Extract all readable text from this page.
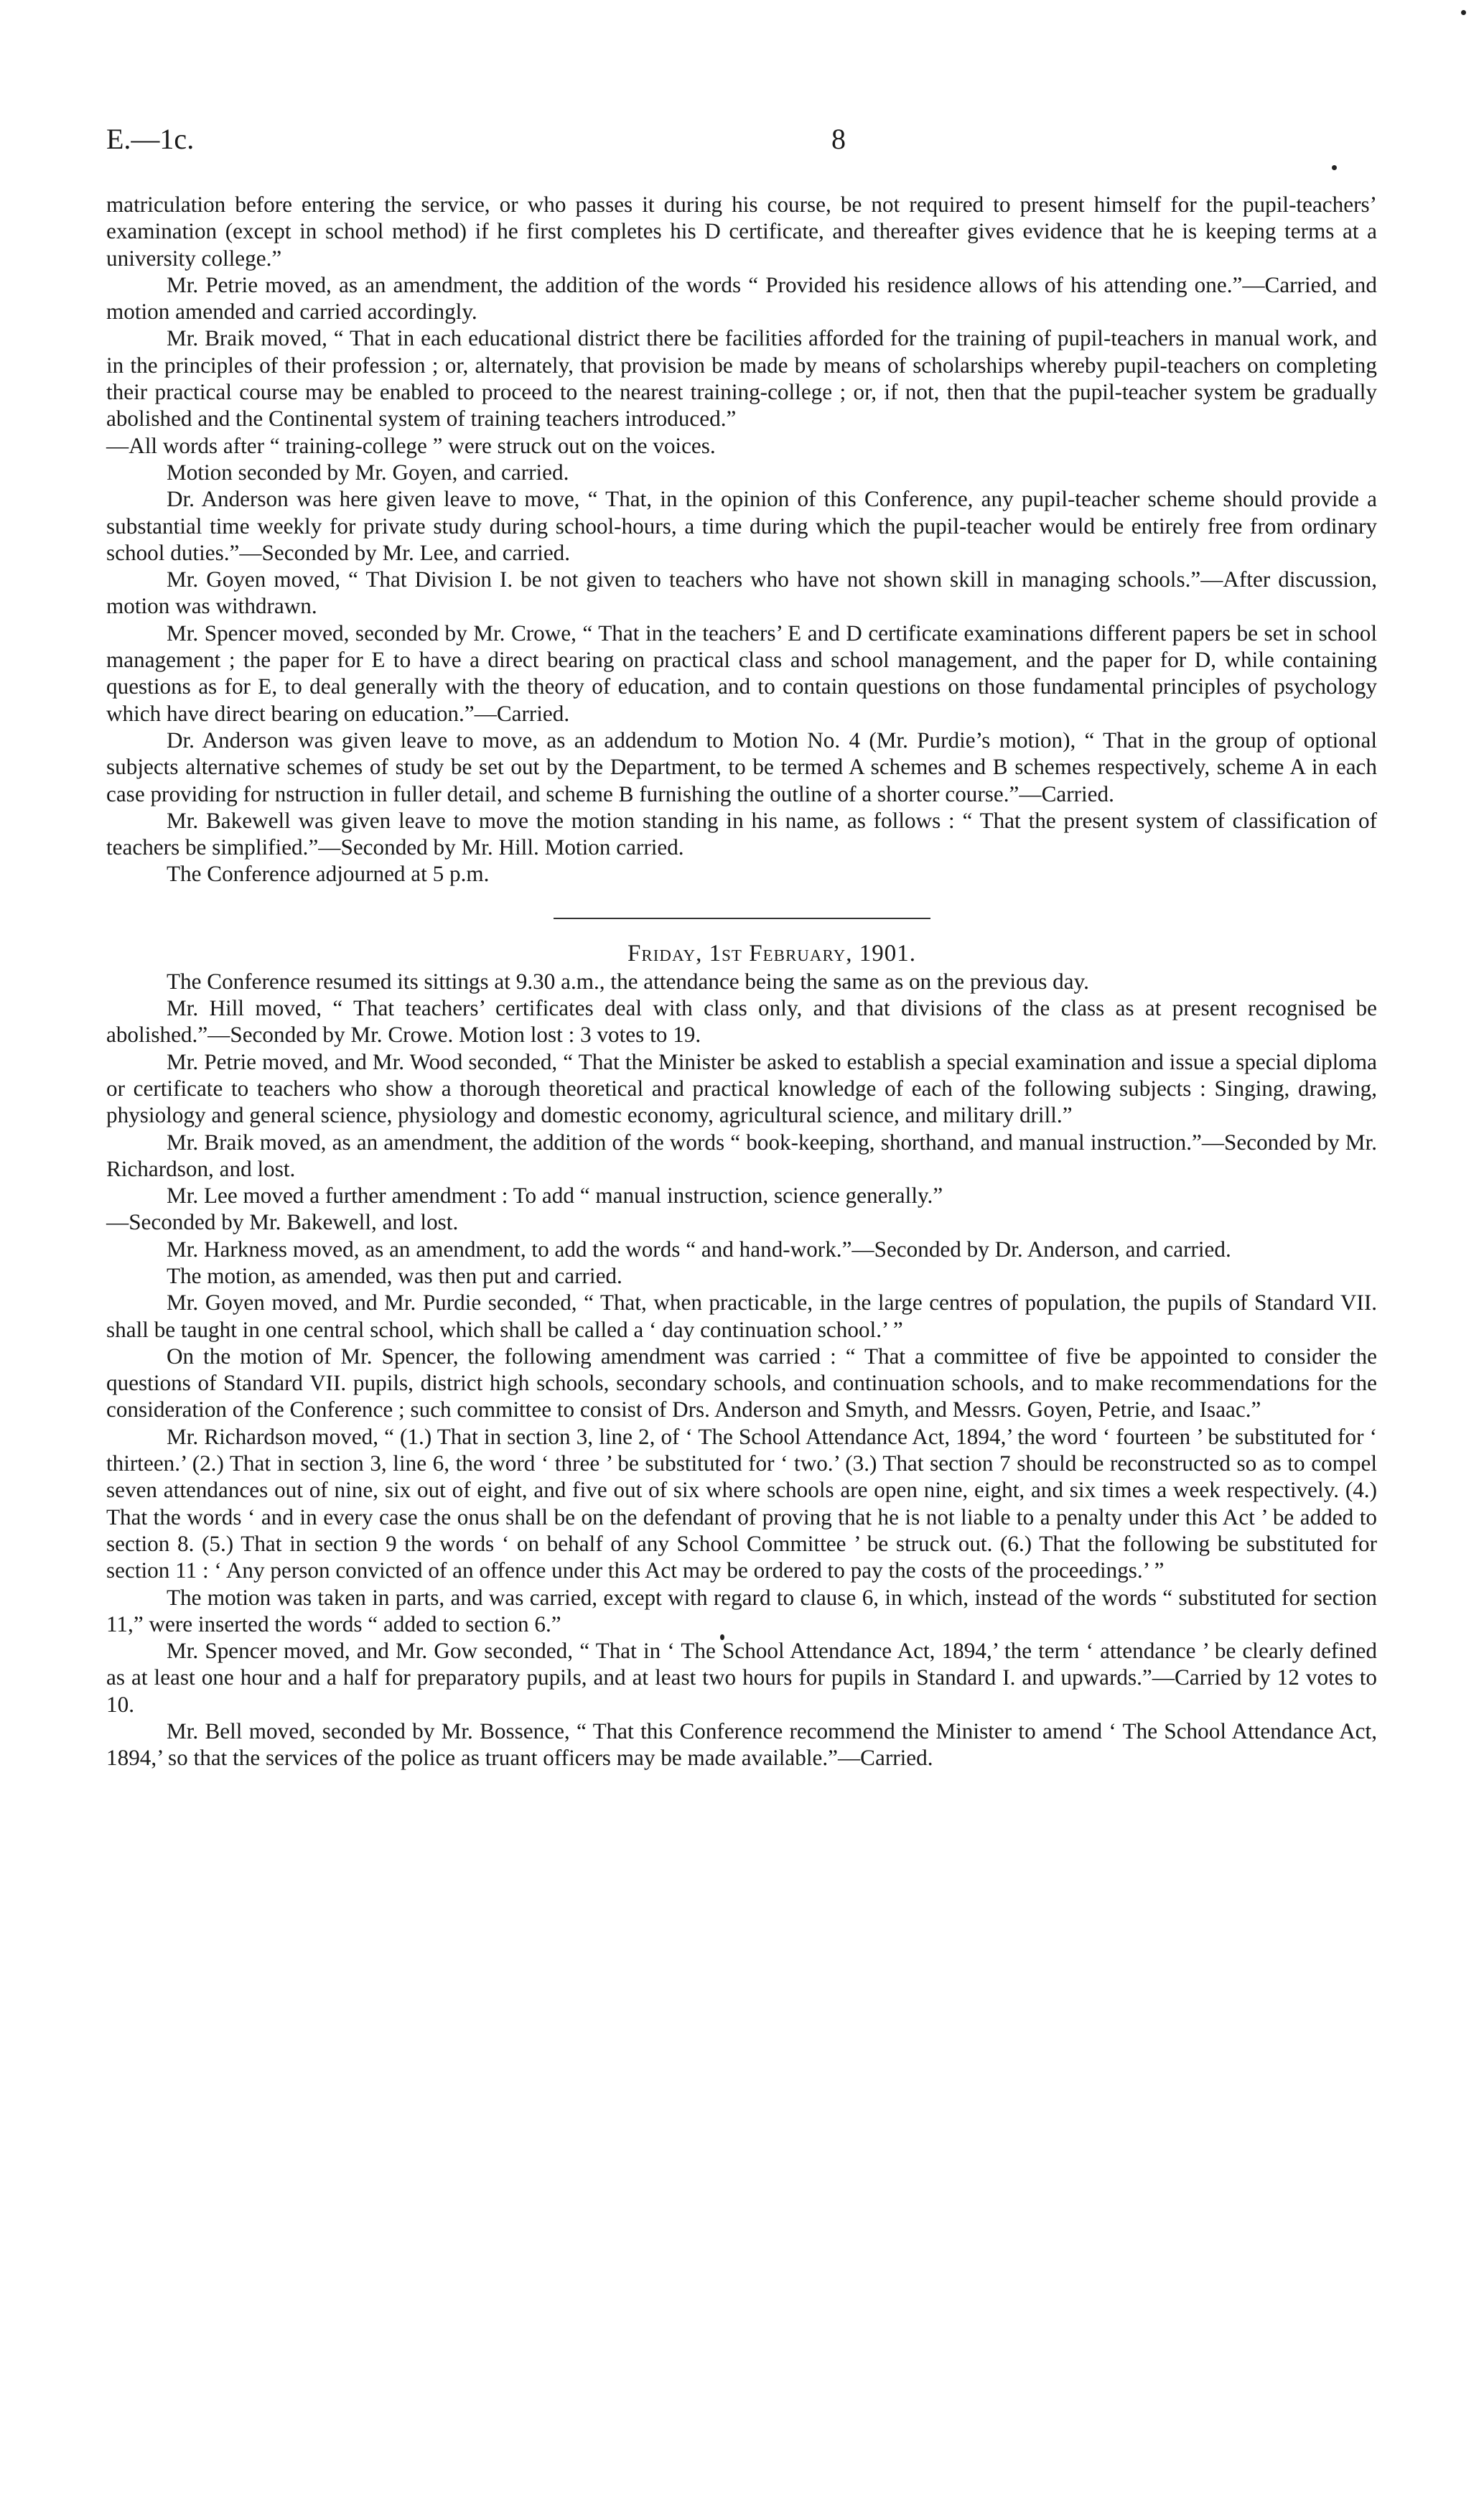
E.—1c.	8

matriculation before entering the service, or who passes it during his course, be not required to present himself for the pupil-teachers’ examination (except in school method) if he first completes his D certificate, and thereafter gives evidence that he is keeping terms at a university college.”

Mr. Petrie moved, as an amendment, the addition of the words “ Provided his residence allows of his attending one.”—Carried, and motion amended and carried accordingly.

Mr. Braik moved, “ That in each educational district there be facilities afforded for the training of pupil-teachers in manual work, and in the principles of their profession ; or, alternately, that provision be made by means of scholarships whereby pupil-teachers on completing their practical course may be enabled to proceed to the nearest training-college ; or, if not, then that the pupil-teacher system be gradually abolished and the Continental system of training teachers introduced.”

—All words after “ training-college ” were struck out on the voices.

Motion seconded by Mr. Goyen, and carried.

Dr. Anderson was here given leave to move, “ That, in the opinion of this Conference, any pupil-teacher scheme should provide a substantial time weekly for private study during school-hours, a time during which the pupil-teacher would be entirely free from ordinary school duties.”—Seconded by Mr. Lee, and carried.

Mr. Goyen moved, “ That Division I. be not given to teachers who have not shown skill in managing schools.”—After discussion, motion was withdrawn.

Mr. Spencer moved, seconded by Mr. Crowe, “ That in the teachers’ E and D certificate examinations different papers be set in school management ; the paper for E to have a direct bearing on practical class and school management, and the paper for D, while containing questions as for E, to deal generally with the theory of education, and to contain questions on those fundamental principles of psychology which have direct bearing on education.”—Carried.

Dr. Anderson was given leave to move, as an addendum to Motion No. 4 (Mr. Purdie’s motion), “ That in the group of optional subjects alternative schemes of study be set out by the Department, to be termed A schemes and B schemes respectively, scheme A in each case providing for nstruction in fuller detail, and scheme B furnishing the outline of a shorter course.”—Carried.

Mr. Bakewell was given leave to move the motion standing in his name, as follows : “ That the present system of classification of teachers be simplified.”—Seconded by Mr. Hill. Motion carried.

The Conference adjourned at 5 p.m.

Friday, 1st February, 1901.

The Conference resumed its sittings at 9.30 a.m., the attendance being the same as on the previous day.

Mr. Hill moved, “ That teachers’ certificates deal with class only, and that divisions of the class as at present recognised be abolished.”—Seconded by Mr. Crowe. Motion lost : 3 votes to 19.

Mr. Petrie moved, and Mr. Wood seconded, “ That the Minister be asked to establish a special examination and issue a special diploma or certificate to teachers who show a thorough theoretical and practical knowledge of each of the following subjects : Singing, drawing, physiology and general science, physiology and domestic economy, agricultural science, and military drill.”

Mr. Braik moved, as an amendment, the addition of the words “ book-keeping, shorthand, and manual instruction.”—Seconded by Mr. Richardson, and lost.

Mr. Lee moved a further amendment : To add “ manual instruction, science generally.”

—Seconded by Mr. Bakewell, and lost.

Mr. Harkness moved, as an amendment, to add the words “ and hand-work.”—Seconded by Dr. Anderson, and carried.

The motion, as amended, was then put and carried.

Mr. Goyen moved, and Mr. Purdie seconded, “ That, when practicable, in the large centres of population, the pupils of Standard VII. shall be taught in one central school, which shall be called a ‘ day continuation school.’ ”

On the motion of Mr. Spencer, the following amendment was carried : “ That a committee of five be appointed to consider the questions of Standard VII. pupils, district high schools, secondary schools, and continuation schools, and to make recommendations for the consideration of the Conference ; such committee to consist of Drs. Anderson and Smyth, and Messrs. Goyen, Petrie, and Isaac.”

Mr. Richardson moved, “ (1.) That in section 3, line 2, of ‘ The School Attendance Act, 1894,’ the word ‘ fourteen ’ be substituted for ‘ thirteen.’ (2.) That in section 3, line 6, the word ‘ three ’ be substituted for ‘ two.’ (3.) That section 7 should be reconstructed so as to compel seven attendances out of nine, six out of eight, and five out of six where schools are open nine, eight, and six times a week respectively. (4.) That the words ‘ and in every case the onus shall be on the defendant of proving that he is not liable to a penalty under this Act ’ be added to section 8. (5.) That in section 9 the words ‘ on behalf of any School Committee ’ be struck out. (6.) That the following be substituted for section 11 : ‘ Any person convicted of an offence under this Act may be ordered to pay the costs of the proceedings.’ ”

The motion was taken in parts, and was carried, except with regard to clause 6, in which, instead of the words “ substituted for section 11,” were inserted the words “ added to section 6.”

Mr. Spencer moved, and Mr. Gow seconded, “ That in ‘ The School Attendance Act, 1894,’ the term ‘ attendance ’ be clearly defined as at least one hour and a half for preparatory pupils, and at least two hours for pupils in Standard I. and upwards.”—Carried by 12 votes to 10.

Mr. Bell moved, seconded by Mr. Bossence, “ That this Conference recommend the Minister to amend ‘ The School Attendance Act, 1894,’ so that the services of the police as truant officers may be made available.”—Carried.
